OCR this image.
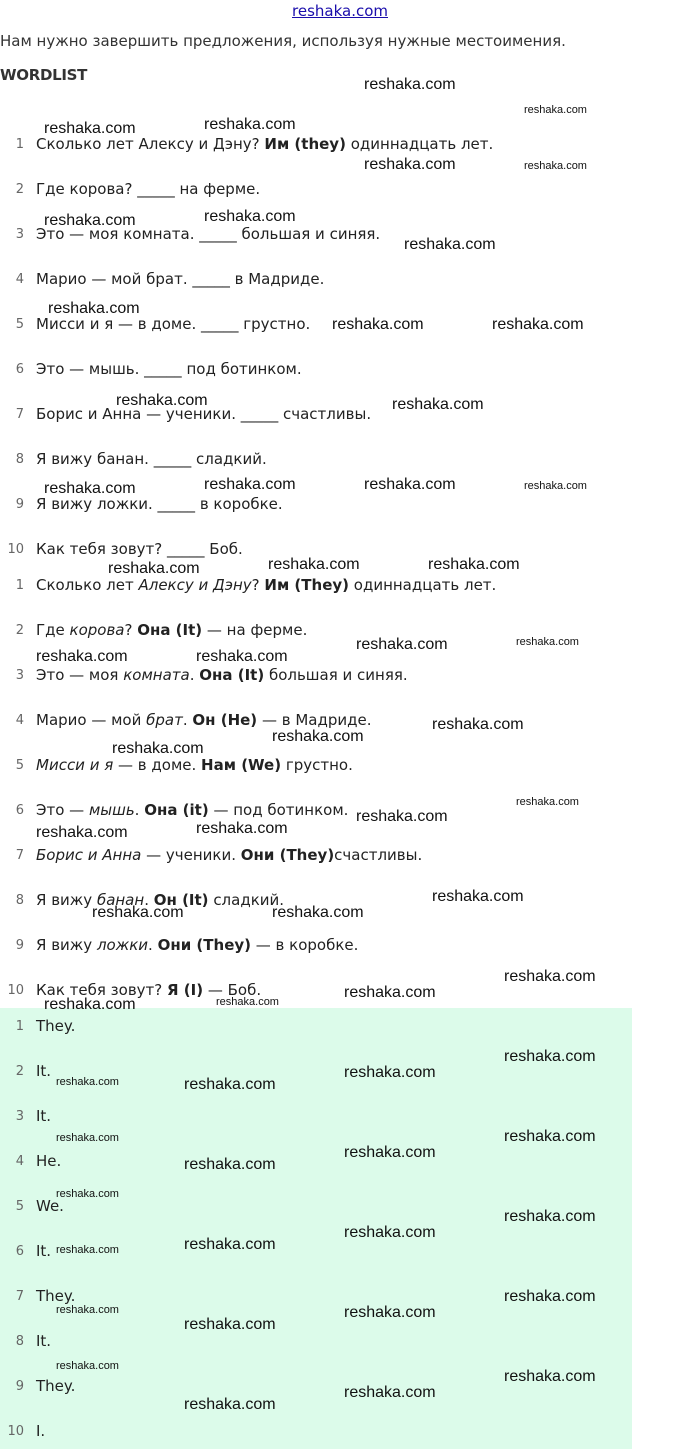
reshaka.com
Нам нужно завершить предложения, используя нужные местоимения.
WORDLIST
1 Сколько лет Алексу и Дэну? Им (they) одиннадцать лет.
2 Где корова? _____ на ферме.
3 Это — моя комната. _____ большая и синяя.
4 Марио — мой брат. _____ в Мадриде.
5 Мисси и я — в доме. _____ грустно.
6 Это — мышь. _____ под ботинком.
7 Борис и Анна — ученики. _____ счастливы.
8 Я вижу банан. _____ сладкий.
9 Я вижу ложки. _____ в коробке.
10 Как тебя зовут? _____ Боб.
1 Сколько лет Алексу и Дэну? Им (They) одиннадцать лет.
2 Где корова? Она (It) — на ферме.
3 Это — моя комната. Она (It) большая и синяя.
4 Марио — мой брат. Он (He) — в Мадриде.
5 Мисси и я — в доме. Нам (We) грустно.
6 Это — мышь. Она (it) — под ботинком.
7 Борис и Анна — ученики. Они (They)счастливы.
8 Я вижу банан. Он (It) сладкий.
9 Я вижу ложки. Они (They) — в коробке.
10 Как тебя зовут? Я (I) — Боб.
1 They.
2 It.
3 It.
4 He.
5 We.
6 It.
7 They.
8 It.
9 They.
10 I.
reshaka.com
reshaka.com
reshaka.com	reshaka.com
reshaka.com	reshaka.com
reshaka.com	reshaka.com
reshaka.com
reshaka.com
reshaka.com	reshaka.com
reshaka.com
reshaka.com
reshaka.com	reshaka.com	reshaka.com	reshaka.com
reshaka.com	reshaka.com
reshaka.com
reshaka.com	reshaka.com
reshaka.com	reshaka.com
reshaka.com
reshaka.com
reshaka.com
reshaka.com
reshaka.com
reshaka.com	reshaka.com
reshaka.com
reshaka.com	reshaka.com
reshaka.com
reshaka.com
reshaka.com	reshaka.com
reshaka.com
reshaka.com
reshaka.com	reshaka.com
reshaka.com
reshaka.com
reshaka.com
reshaka.com
reshaka.com
reshaka.com
reshaka.com
reshaka.com	reshaka.com
reshaka.com
reshaka.com	reshaka.com
reshaka.com
reshaka.com
reshaka.com
reshaka.com
reshaka.com
